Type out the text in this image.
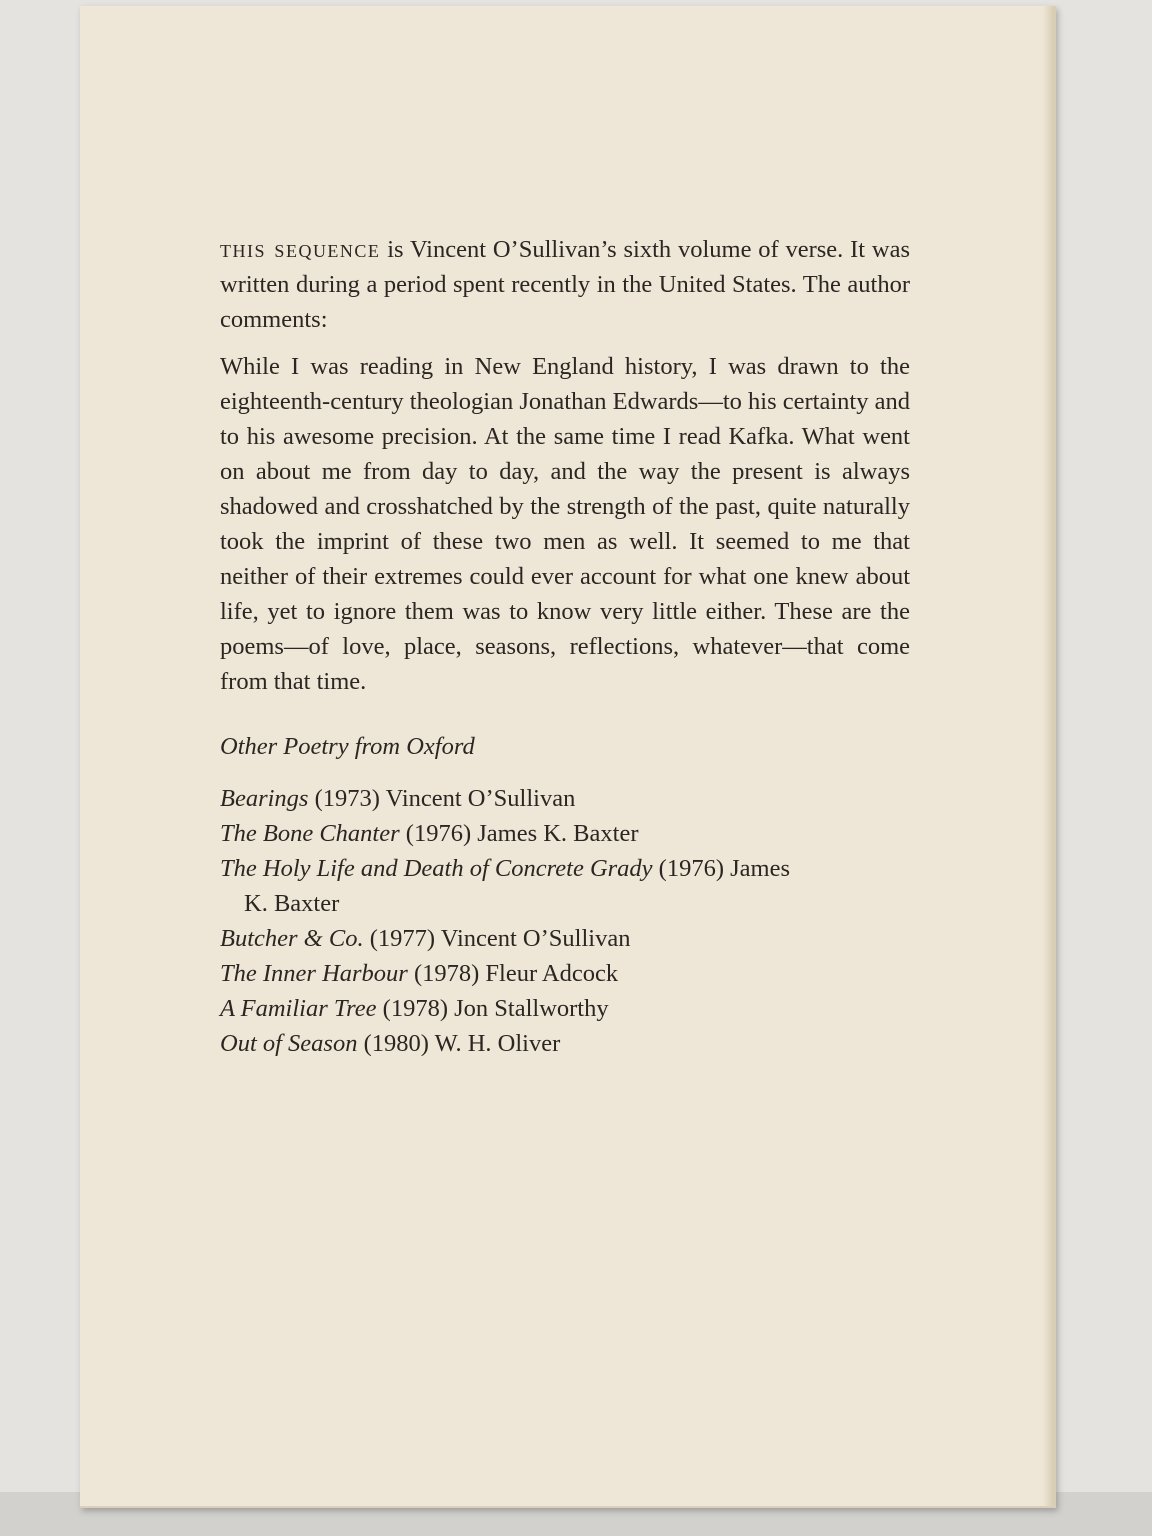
this sequence is Vincent O’Sullivan’s sixth volume of verse. It was written during a period spent recently in the United States. The author comments:

While I was reading in New England history, I was drawn to the eighteenth-century theologian Jonathan Edwards—to his certainty and to his awesome precision. At the same time I read Kafka. What went on about me from day to day, and the way the present is always shadowed and crosshatched by the strength of the past, quite naturally took the imprint of these two men as well. It seemed to me that neither of their extremes could ever account for what one knew about life, yet to ignore them was to know very little either. These are the poems—of love, place, seasons, reflections, whatever—that come from that time.

Other Poetry from Oxford

Bearings (1973) Vincent O’Sullivan
The Bone Chanter (1976) James K. Baxter
The Holy Life and Death of Concrete Grady (1976) James K. Baxter
Butcher & Co. (1977) Vincent O’Sullivan
The Inner Harbour (1978) Fleur Adcock
A Familiar Tree (1978) Jon Stallworthy
Out of Season (1980) W. H. Oliver
